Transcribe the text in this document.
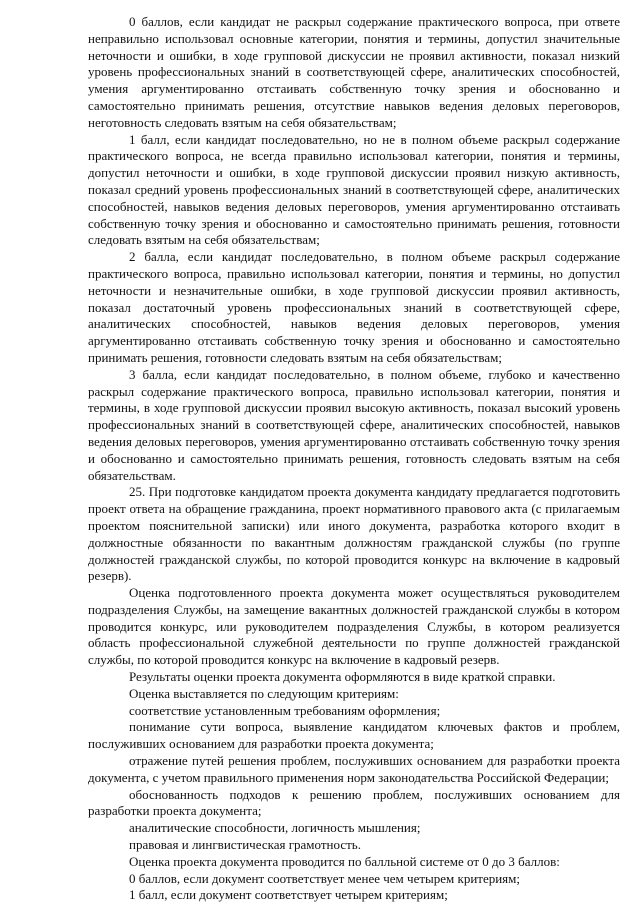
0 баллов, если кандидат не раскрыл содержание практического вопроса, при ответе неправильно использовал основные категории, понятия и термины, допустил значительные неточности и ошибки, в ходе групповой дискуссии не проявил активности, показал низкий уровень профессиональных знаний в соответствующей сфере, аналитических способностей, умения аргументированно отстаивать собственную точку зрения и обоснованно и самостоятельно принимать решения, отсутствие навыков ведения деловых переговоров, неготовность следовать взятым на себя обязательствам;

1 балл, если кандидат последовательно, но не в полном объеме раскрыл содержание практического вопроса, не всегда правильно использовал категории, понятия и термины, допустил неточности и ошибки, в ходе групповой дискуссии проявил низкую активность, показал средний уровень профессиональных знаний в соответствующей сфере, аналитических способностей, навыков ведения деловых переговоров, умения аргументированно отстаивать собственную точку зрения и обоснованно и самостоятельно принимать решения, готовности следовать взятым на себя обязательствам;

2 балла, если кандидат последовательно, в полном объеме раскрыл содержание практического вопроса, правильно использовал категории, понятия и термины, но допустил неточности и незначительные ошибки, в ходе групповой дискуссии проявил активность, показал достаточный уровень профессиональных знаний в соответствующей сфере, аналитических способностей, навыков ведения деловых переговоров, умения аргументированно отстаивать собственную точку зрения и обоснованно и самостоятельно принимать решения, готовности следовать взятым на себя обязательствам;

3 балла, если кандидат последовательно, в полном объеме, глубоко и качественно раскрыл содержание практического вопроса, правильно использовал категории, понятия и термины, в ходе групповой дискуссии проявил высокую активность, показал высокий уровень профессиональных знаний в соответствующей сфере, аналитических способностей, навыков ведения деловых переговоров, умения аргументированно отстаивать собственную точку зрения и обоснованно и самостоятельно принимать решения, готовность следовать взятым на себя обязательствам.

25. При подготовке кандидатом проекта документа кандидату предлагается подготовить проект ответа на обращение гражданина, проект нормативного правового акта (с прилагаемым проектом пояснительной записки) или иного документа, разработка которого входит в должностные обязанности по вакантным должностям гражданской службы (по группе должностей гражданской службы, по которой проводится конкурс на включение в кадровый резерв).

Оценка подготовленного проекта документа может осуществляться руководителем подразделения Службы, на замещение вакантных должностей гражданской службы в котором проводится конкурс, или руководителем подразделения Службы, в котором реализуется область профессиональной служебной деятельности по группе должностей гражданской службы, по которой проводится конкурс на включение в кадровый резерв.

Результаты оценки проекта документа оформляются в виде краткой справки.

Оценка выставляется по следующим критериям:

соответствие установленным требованиям оформления;

понимание сути вопроса, выявление кандидатом ключевых фактов и проблем, послуживших основанием для разработки проекта документа;

отражение путей решения проблем, послуживших основанием для разработки проекта документа, с учетом правильного применения норм законодательства Российской Федерации;

обоснованность подходов к решению проблем, послуживших основанием для разработки проекта документа;

аналитические способности, логичность мышления;

правовая и лингвистическая грамотность.

Оценка проекта документа проводится по балльной системе от 0 до 3 баллов:

0 баллов, если документ соответствует менее чем четырем критериям;

1 балл, если документ соответствует четырем критериям;
